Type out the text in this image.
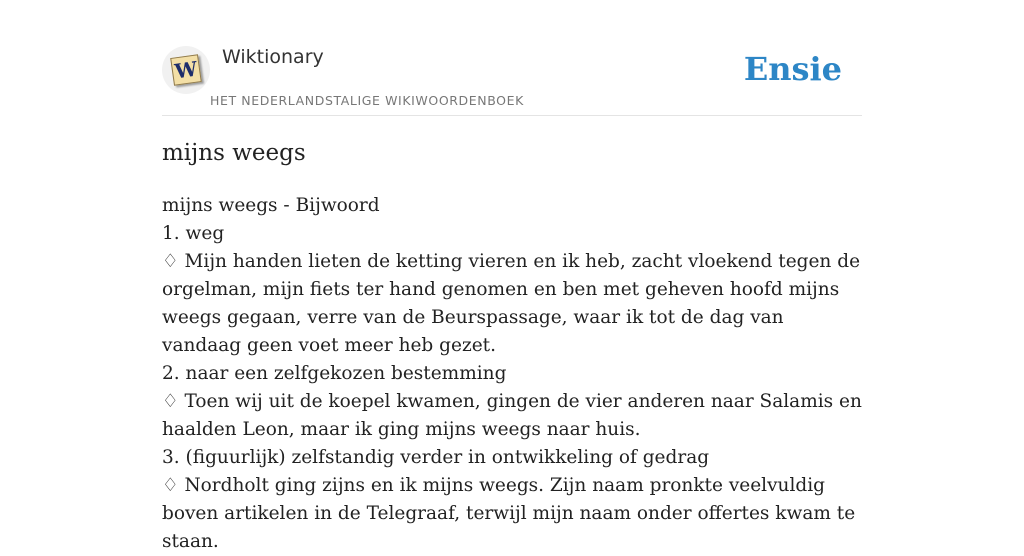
W Wiktionary
HET NEDERLANDSTALIGE WIKIWOORDENBOEK
Ensie
mijns weegs

mijns weegs - Bijwoord

1. weg

♢ Mijn handen lieten de ketting vieren en ik heb, zacht vloekend tegen de orgelman, mijn fiets ter hand genomen en ben met geheven hoofd mijns weegs gegaan, verre van de Beurspassage, waar ik tot de dag van vandaag geen voet meer heb gezet.

2. naar een zelfgekozen bestemming

♢ Toen wij uit de koepel kwamen, gingen de vier anderen naar Salamis en haalden Leon, maar ik ging mijns weegs naar huis.

3. (figuurlijk) zelfstandig verder in ontwikkeling of gedrag

♢ Nordholt ging zijns en ik mijns weegs. Zijn naam pronkte veelvuldig boven artikelen in de Telegraaf, terwijl mijn naam onder offertes kwam te staan.
